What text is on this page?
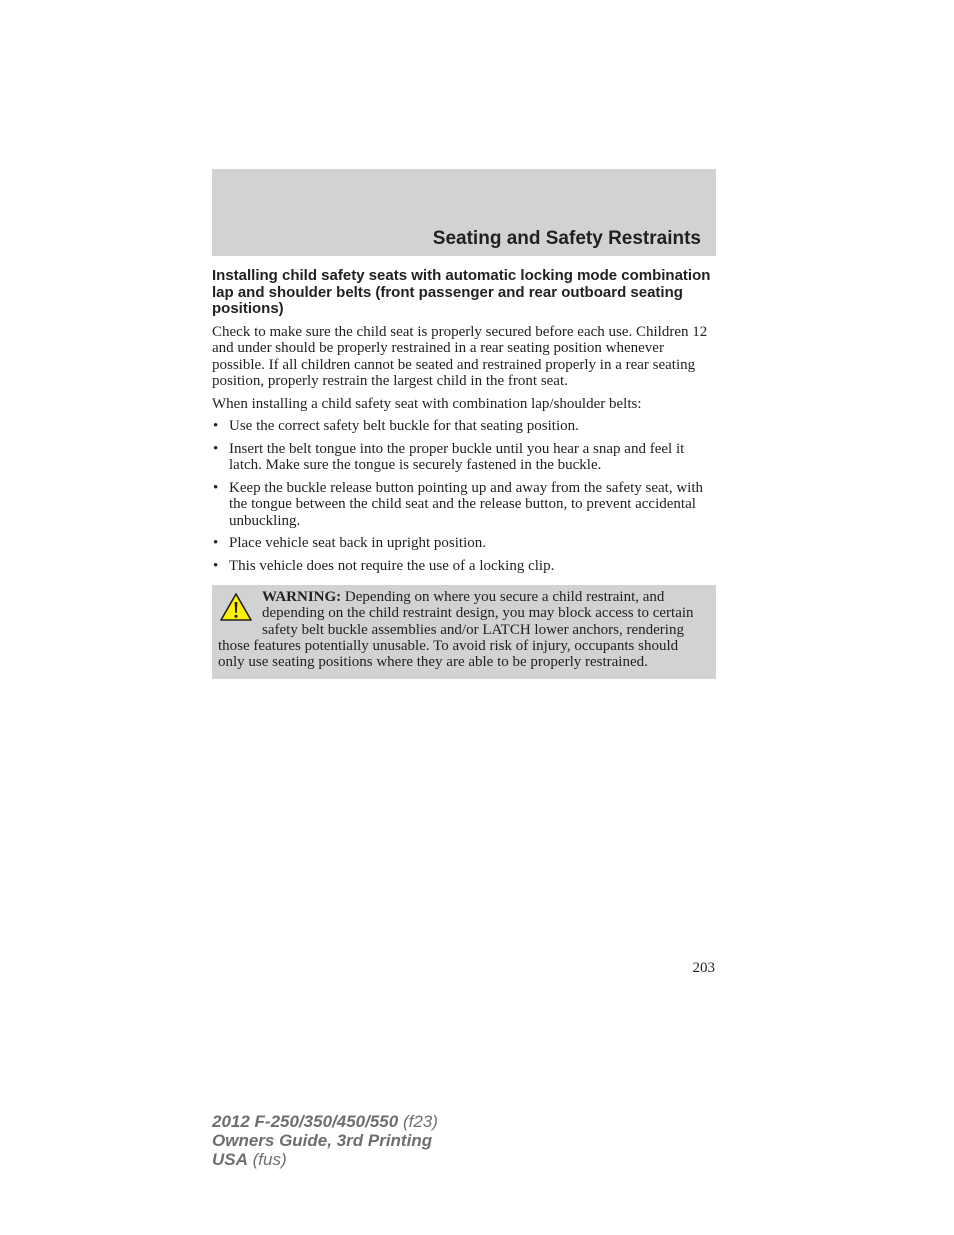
Seating and Safety Restraints
Installing child safety seats with automatic locking mode combination lap and shoulder belts (front passenger and rear outboard seating positions)

Check to make sure the child seat is properly secured before each use. Children 12 and under should be properly restrained in a rear seating position whenever possible. If all children cannot be seated and restrained properly in a rear seating position, properly restrain the largest child in the front seat.

When installing a child safety seat with combination lap/shoulder belts:

• Use the correct safety belt buckle for that seating position.
• Insert the belt tongue into the proper buckle until you hear a snap and feel it latch. Make sure the tongue is securely fastened in the buckle.
• Keep the buckle release button pointing up and away from the safety seat, with the tongue between the child seat and the release button, to prevent accidental unbuckling.
• Place vehicle seat back in upright position.
• This vehicle does not require the use of a locking clip.
WARNING: Depending on where you secure a child restraint, and depending on the child restraint design, you may block access to certain safety belt buckle assemblies and/or LATCH lower anchors, rendering those features potentially unusable. To avoid risk of injury, occupants should only use seating positions where they are able to be properly restrained.
203
2012 F-250/350/450/550 (f23)
Owners Guide, 3rd Printing
USA (fus)
